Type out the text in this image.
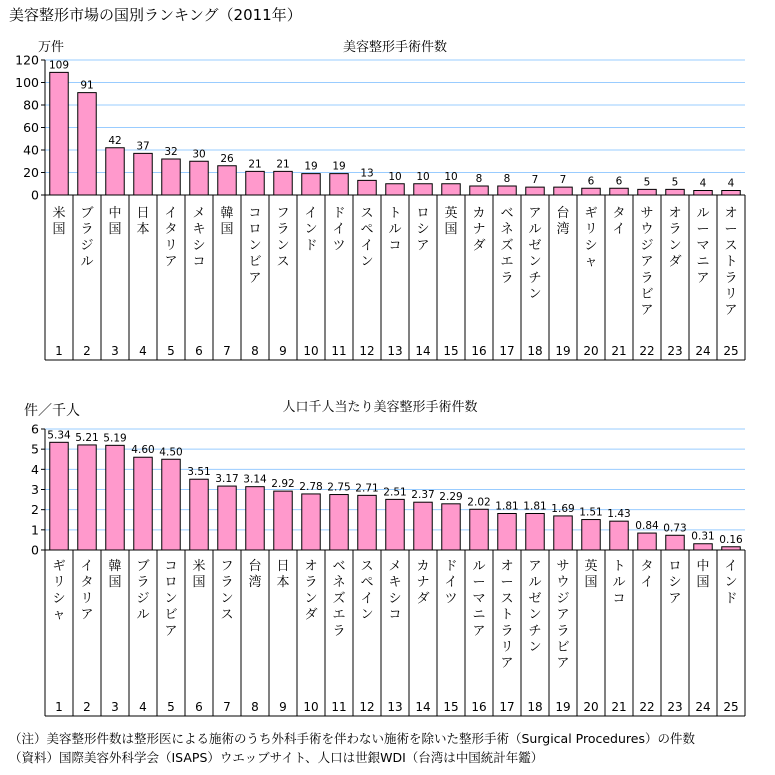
美容整形市場の国別ランキング（2011年）
美容整形手術件数
万件
0
20
40
60
80
100
120 109
米国
1
91
ブラジル
2
42
中国
3
37
日本
4
32
イタリア
5
30
メキシコ
6
26
韓国
7
21
コロンビア
8
21
フランス
9
19
インド
10
19
ドイツ
11
13
スペイン
12
10
トルコ
13
10
ロシア
14
10
英国
15
8
カナダ
16
8
ベネズエラ
17
7
アルゼンチン
18
7
台湾
19
6
ギリシャ
20
6
タイ
21
5
サウジアラビア
22
5
オランダ
23
4
ルーマニア
24
4
オーストラリア
25
人口千人当たり美容整形手術件数
件／千人
0
1
2
3
4
5
6 5.34
ギリシャ
1
5.21
イタリア
2
5.19
韓国
3
4.60
ブラジル
4
4.50
コロンビア
5
3.51
米国
6
3.17
フランス
7
3.14
台湾
8
2.92
日本
9
2.78
オランダ
10
2.75
ベネズエラ
11
2.71
スペイン
12
2.51
メキシコ
13
2.37
カナダ
14
2.29
ドイツ
15
2.02
ルーマニア
16
1.81
オーストラリア
17
1.81
アルゼンチン
18
1.69
サウジアラビア
19
1.51
英国
20
1.43
トルコ
21
0.84
タイ
22
0.73
ロシア
23
0.31
中国
24
0.16
インド
25
（注）美容整形件数は整形医による施術のうち外科手術を伴わない施術を除いた整形手術（Surgical Procedures）の件数
（資料）国際美容外科学会（ISAPS）ウエッブサイト、人口は世銀WDI（台湾は中国統計年鑑）
